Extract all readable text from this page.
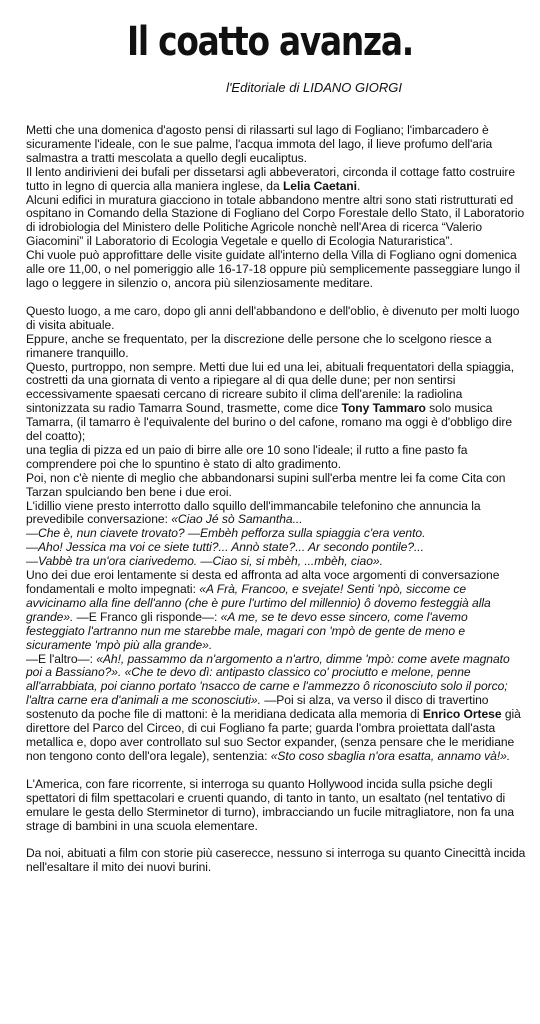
Il coatto avanza.
l'Editoriale di LIDANO GIORGI

Metti che una domenica d'agosto pensi di rilassarti sul lago di Fogliano; l'imbarcadero è sicuramente l'ideale, con le sue palme, l'acqua immota del lago, il lieve profumo dell'aria salmastra a tratti mescolata a quello degli eucaliptus.
Il lento andirivieni dei bufali per dissetarsi agli abbeveratori, circonda il cottage fatto costruire tutto in legno di quercia alla maniera inglese, da Lelia Caetani.
Alcuni edifici in muratura giacciono in totale abbandono mentre altri sono stati ristrutturati ed ospitano in Comando della Stazione di Fogliano del Corpo Forestale dello Stato, il Laboratorio di idrobiologia del Ministero delle Politiche Agricole nonchè nell'Area di ricerca “Valerio Giacomini” il Laboratorio di Ecologia Vegetale e quello di Ecologia Naturaristica”.
Chi vuole può approfittare delle visite guidate all'interno della Villa di Fogliano ogni domenica alle ore 11,00, o nel pomeriggio alle 16-17-18 oppure più semplicemente passeggiare lungo il lago o leggere in silenzio o, ancora più silenziosamente meditare.

Questo luogo, a me caro, dopo gli anni dell'abbandono e dell'oblio, è divenuto per molti luogo di visita abituale.
Eppure, anche se frequentato, per la discrezione delle persone che lo scelgono riesce a rimanere tranquillo.
Questo, purtroppo, non sempre. Metti due lui ed una lei, abituali frequentatori della spiaggia, costretti da una giornata di vento a ripiegare al di qua delle dune; per non sentirsi eccessivamente spaesati cercano di ricreare subito il clima dell'arenile: la radiolina sintonizzata su radio Tamarra Sound, trasmette, come dice Tony Tammaro solo musica Tamarra, (il tamarro è l'equivalente del burino o del cafone, romano ma oggi è d'obbligo dire del coatto);
una teglia di pizza ed un paio di birre alle ore 10 sono l'ideale; il rutto a fine pasto fa comprendere poi che lo spuntino è stato di alto gradimento.
Poi, non c'è niente di meglio che abbandonarsi supini sull'erba mentre lei fa come Cita con Tarzan spulciando ben bene i due eroi.
L'idillio viene presto interrotto dallo squillo dell'immancabile telefonino che annuncia la prevedibile conversazione: «Ciao Jé sò Samantha...
—Che è, nun ciavete trovato? —Embèh pefforza sulla spiaggia c'era vento.
—Aho! Jessica ma voi ce siete tutti?... Annò state?... Ar secondo pontile?...
—Vabbè tra un'ora ciarivedemo. —Ciao si, si mbèh, ...mbèh, ciao».
Uno dei due eroi lentamente si desta ed affronta ad alta voce argomenti di conversazione fondamentali e molto impegnati: «A Frà, Francoo, e svejate! Senti 'npò, siccome ce avvicinamo alla fine dell'anno (che è pure l'urtimo del millennio) ô dovemo festeggià alla grande». —E Franco gli risponde—: «A me, se te devo esse sincero, come l'avemo festeggiato l'artranno nun me starebbe male, magari con 'mpò de gente de meno e sicuramente 'mpò più alla grande».
—E l'altro—: «Ah!, passammo da n'argomento a n'artro, dimme 'mpò: come avete magnato poi a Bassiano?». «Che te devo dì: antipasto classico co' prociutto e melone, penne all'arrabbiata, poi cianno portato 'nsacco de carne e l'ammezzo ô riconosciuto solo il porco; l'altra carne era d'animali a me sconosciuti». —Poi si alza, va verso il disco di travertino sostenuto da poche file di mattoni: è la meridiana dedicata alla memoria di Enrico Ortese già direttore del Parco del Circeo, di cui Fogliano fa parte; guarda l'ombra proiettata dall'asta metallica e, dopo aver controllato sul suo Sector expander, (senza pensare che le meridiane non tengono conto dell'ora legale), sentenzia: «Sto coso sbaglia n'ora esatta, annamo và!».

L'America, con fare ricorrente, si interroga su quanto Hollywood incida sulla psiche degli spettatori di film spettacolari e cruenti quando, di tanto in tanto, un esaltato (nel tentativo di emulare le gesta dello Sterminetor di turno), imbracciando un fucile mitragliatore, non fa una strage di bambini in una scuola elementare.

Da noi, abituati a film con storie più caserecce, nessuno si interroga su quanto Cinecittà incida nell'esaltare il mito dei nuovi burini.
